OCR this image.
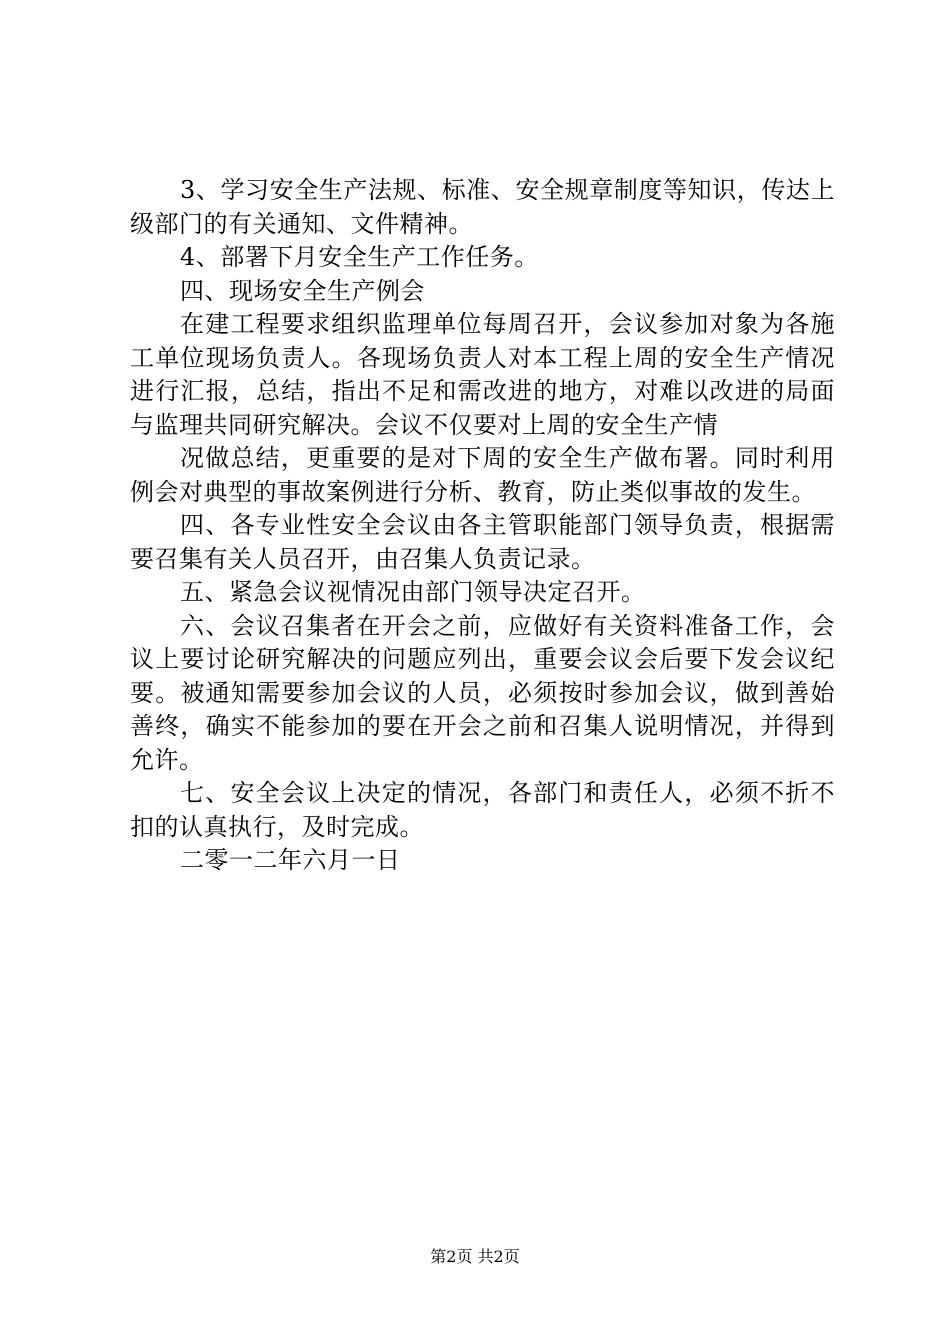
3、学习安全生产法规、标准、安全规章制度等知识，传达上级部门的有关通知、文件精神。

4、部署下月安全生产工作任务。

四、现场安全生产例会

在建工程要求组织监理单位每周召开，会议参加对象为各施工单位现场负责人。各现场负责人对本工程上周的安全生产情况进行汇报，总结，指出不足和需改进的地方，对难以改进的局面与监理共同研究解决。会议不仅要对上周的安全生产情

况做总结，更重要的是对下周的安全生产做布署。同时利用例会对典型的事故案例进行分析、教育，防止类似事故的发生。

四、各专业性安全会议由各主管职能部门领导负责，根据需要召集有关人员召开，由召集人负责记录。

五、紧急会议视情况由部门领导决定召开。

六、会议召集者在开会之前，应做好有关资料准备工作，会议上要讨论研究解决的问题应列出，重要会议会后要下发会议纪要。被通知需要参加会议的人员，必须按时参加会议，做到善始善终，确实不能参加的要在开会之前和召集人说明情况，并得到允许。

七、安全会议上决定的情况，各部门和责任人，必须不折不扣的认真执行，及时完成。

二零一二年六月一日

第2页 共2页
